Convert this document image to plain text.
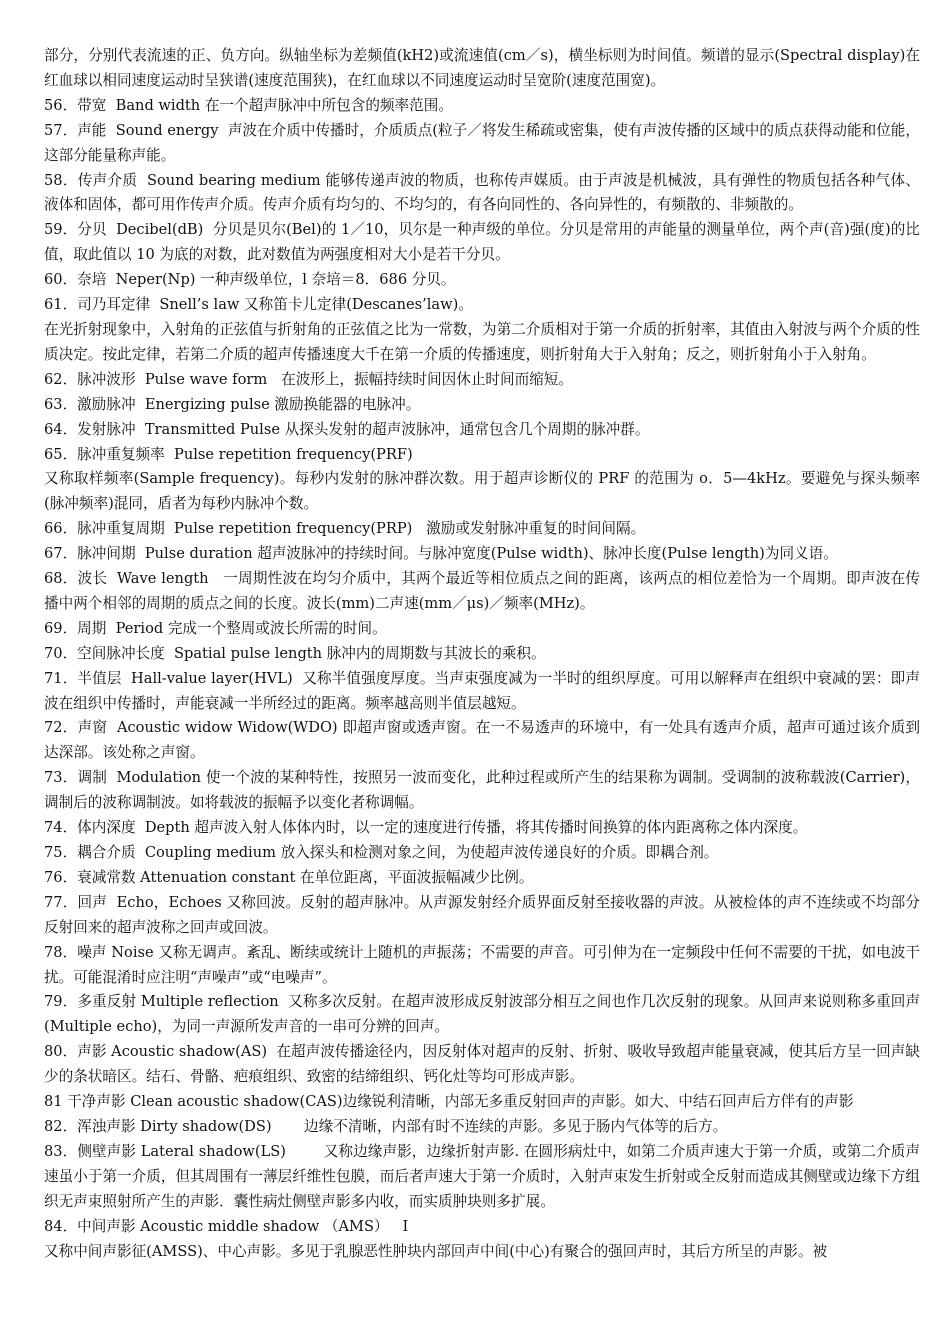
部分，分别代表流速的正、负方向。纵轴坐标为差频值(kH2)或流速值(cm／s)，横坐标则为时间值。频谱的显示(Spectral display)在红血球以相同速度运动时呈狭谱(速度范围狭)，在红血球以不同速度运动时呈宽阶(速度范围宽)。

56．带宽  Band width 在一个超声脉冲中所包含的频率范围。

57．声能  Sound energy  声波在介质中传播时，介质质点(粒子／将发生稀疏或密集，使有声波传播的区域中的质点获得动能和位能，这部分能量称声能。

58．传声介质  Sound bearing medium 能够传递声波的物质，也称传声媒质。由于声波是机械波，具有弹性的物质包括各种气体、液体和固体，都可用作传声介质。传声介质有均匀的、不均匀的，有各向同性的、各向异性的，有频散的、非频散的。

59．分贝  Decibel(dB)  分贝是贝尔(Bel)的 1／10，贝尔是一种声级的单位。分贝是常用的声能量的测量单位，两个声(音)强(度)的比值，取此值以 10 为底的对数，此对数值为两强度相对大小是若干分贝。

60．奈培  Neper(Np) 一种声级单位，l 奈培＝8．686 分贝。

61．司乃耳定律  Snell’s law 又称笛卡儿定律(Descanes’law)。

在光折射现象中，入射角的正弦值与折射角的正弦值之比为一常数，为第二介质相对于第一介质的折射率，其值由入射波与两个介质的性质决定。按此定律，若第二介质的超声传播速度大千在第一介质的传播速度，则折射角大于入射角；反之，则折射角小于入射角。

62．脉冲波形  Pulse wave form   在波形上，振幅持续时间因休止时间而缩短。

63．激励脉冲  Energizing pulse 激励换能器的电脉冲。

64．发射脉冲  Transmitted Pulse 从探头发射的超声波脉冲，通常包含几个周期的脉冲群。

65．脉冲重复频率  Pulse repetition frequency(PRF)

又称取样频率(Sample frequency)。每秒内发射的脉冲群次数。用于超声诊断仪的 PRF 的范围为 o．5—4kHz。要避免与探头频率(脉冲频率)混同，盾者为每秒内脉冲个数。

66．脉冲重复周期  Pulse repetition frequency(PRP)   激励或发射脉冲重复的时间间隔。

67．脉冲间期  Pulse duration 超声波脉冲的持续时间。与脉冲宽度(Pulse width)、脉冲长度(Pulse length)为同义语。

68．波长  Wave length   一周期性波在均匀介质中，其两个最近等相位质点之间的距离，该两点的相位差恰为一个周期。即声波在传播中两个相邻的周期的质点之间的长度。波长(mm)二声速(mm／μs)／频率(MHz)。

69．周期  Period 完成一个整周或波长所需的时间。

70．空间脉冲长度  Spatial pulse length 脉冲内的周期数与其波长的乘积。

71．半值层  Hall-value layer(HVL)  又称半值强度厚度。当声束强度减为一半时的组织厚度。可用以解释声在组织中衰减的罢：即声波在组织中传播时，声能衰减一半所经过的距离。频率越高则半值层越短。

72．声窗  Acoustic widow Widow(WDO) 即超声窗或透声窗。在一不易透声的环境中，有一处具有透声介质，超声可通过该介质到达深部。该处称之声窗。

73．调制  Modulation 使一个波的某种特性，按照另一波而变化，此种过程或所产生的结果称为调制。受调制的波称载波(Carrier)，调制后的波称调制波。如将载波的振幅予以变化者称调幅。

74．体内深度  Depth 超声波入射人体体内时，以一定的速度进行传播，将其传播时间换算的体内距离称之体内深度。

75．耦合介质  Coupling medium 放入探头和检测对象之间，为使超声波传递良好的介质。即耦合剂。

76．衰减常数 Attenuation constant 在单位距离，平面波振幅减少比例。

77．回声  Echo，Echoes 又称回波。反射的超声脉冲。从声源发射经介质界面反射至接收器的声波。从被检体的声不连续或不均部分反射回来的超声波称之回声或回波。

78．噪声 Noise 又称无调声。紊乱、断续或统计上随机的声振荡；不需要的声音。可引伸为在一定频段中任何不需要的干扰，如电波干扰。可能混淆时应注明“声噪声”或“电噪声”。

79．多重反射 Multiple reflection  又称多次反射。在超声波形成反射波部分相互之间也作几次反射的现象。从回声来说则称多重回声(Multiple echo)，为同一声源所发声音的一串可分辨的回声。

80．声影 Acoustic shadow(AS)  在超声波传播途径内，因反射体对超声的反射、折射、吸收导致超声能量衰减，使其后方呈一回声缺少的条状暗区。结石、骨骼、疤痕组织、致密的结缔组织、钙化灶等均可形成声影。

81 干净声影 Clean acoustic shadow(CAS)边缘锐利清晰，内部无多重反射回声的声影。如大、中结石回声后方伴有的声影

82．浑浊声影 Dirty shadow(DS)       边缘不清晰，内部有时不连续的声影。多见于肠内气体等的后方。

83．侧壁声影 Lateral shadow(LS)        又称边缘声影，边缘折射声影. 在圆形病灶中，如第二介质声速大于第一介质，或第二介质声速虽小于第一介质，但其周围有一薄层纤维性包膜，而后者声速大于第一介质时，入射声束发生折射或全反射而造成其侧壁或边缘下方组织无声束照射所产生的声影．囊性病灶侧壁声影多内收，而实质肿块则多扩展。

84．中间声影 Acoustic middle shadow （AMS）   I

又称中间声影征(AMSS)、中心声影。多见于乳腺恶性肿块内部回声中间(中心)有聚合的强回声时，其后方所呈的声影。被
